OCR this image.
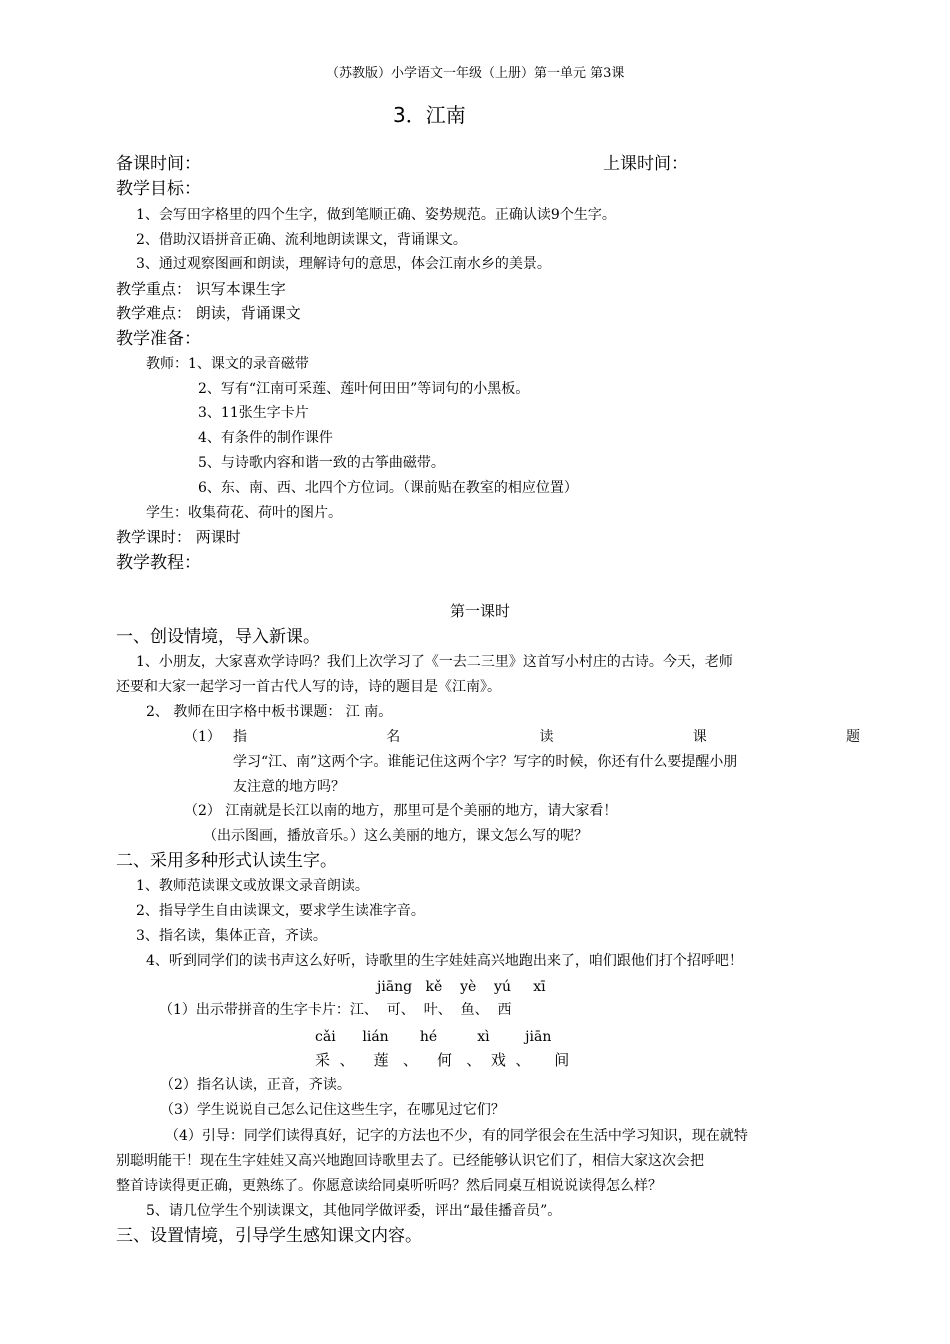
（苏教版）小学语文一年级（上册）第一单元 第3课
3．江南
备课时间：	上课时间：
教学目标：
1、会写田字格里的四个生字，做到笔顺正确、姿势规范。正确认读9个生字。
2、借助汉语拼音正确、流利地朗读课文，背诵课文。
3、通过观察图画和朗读，理解诗句的意思，体会江南水乡的美景。
教学重点： 识写本课生字
教学难点： 朗读，背诵课文
教学准备：
教师：1、课文的录音磁带
2、写有“江南可采莲、莲叶何田田”等词句的小黑板。
3、11张生字卡片
4、有条件的制作课件
5、与诗歌内容和谐一致的古筝曲磁带。
6、东、南、西、北四个方位词。（课前贴在教室的相应位置）
学生：收集荷花、荷叶的图片。
教学课时： 两课时
教学教程：
第一课时
一、创设情境，导入新课。
1、小朋友，大家喜欢学诗吗？我们上次学习了《一去二三里》这首写小村庄的古诗。今天，老师
还要和大家一起学习一首古代人写的诗，诗的题目是《江南》。
2、 教师在田字格中板书课题： 江 南。
（1） 指	名	读	课	题
学习“江、南”这两个字。谁能记住这两个字？写字的时候，你还有什么要提醒小朋
友注意的地方吗？
（2） 江南就是长江以南的地方，那里可是个美丽的地方，请大家看！
（出示图画，播放音乐。）这么美丽的地方，课文怎么写的呢？
二、采用多种形式认读生字。
1、教师范读课文或放课文录音朗读。
2、指导学生自由读课文，要求学生读准字音。
3、指名读，集体正音，齐读。
4、听到同学们的读书声这么好听，诗歌里的生字娃娃高兴地跑出来了，咱们跟他们打个招呼吧！
jiāng   kě    yè    yú     xī
（1）出示带拼音的生字卡片：江、  可、  叶、  鱼、  西
cǎi      lián       hé         xì        jiān
采  、    莲   、    何   、  戏  、     间
（2）指名认读，正音，齐读。
（3）学生说说自己怎么记住这些生字，在哪见过它们？
（4）引导：同学们读得真好，记字的方法也不少，有的同学很会在生活中学习知识，现在就特
别聪明能干！现在生字娃娃又高兴地跑回诗歌里去了。已经能够认识它们了，相信大家这次会把
整首诗读得更正确，更熟练了。你愿意读给同桌听听吗？然后同桌互相说说读得怎么样？
5、请几位学生个别读课文，其他同学做评委，评出“最佳播音员”。
三、设置情境，引导学生感知课文内容。
